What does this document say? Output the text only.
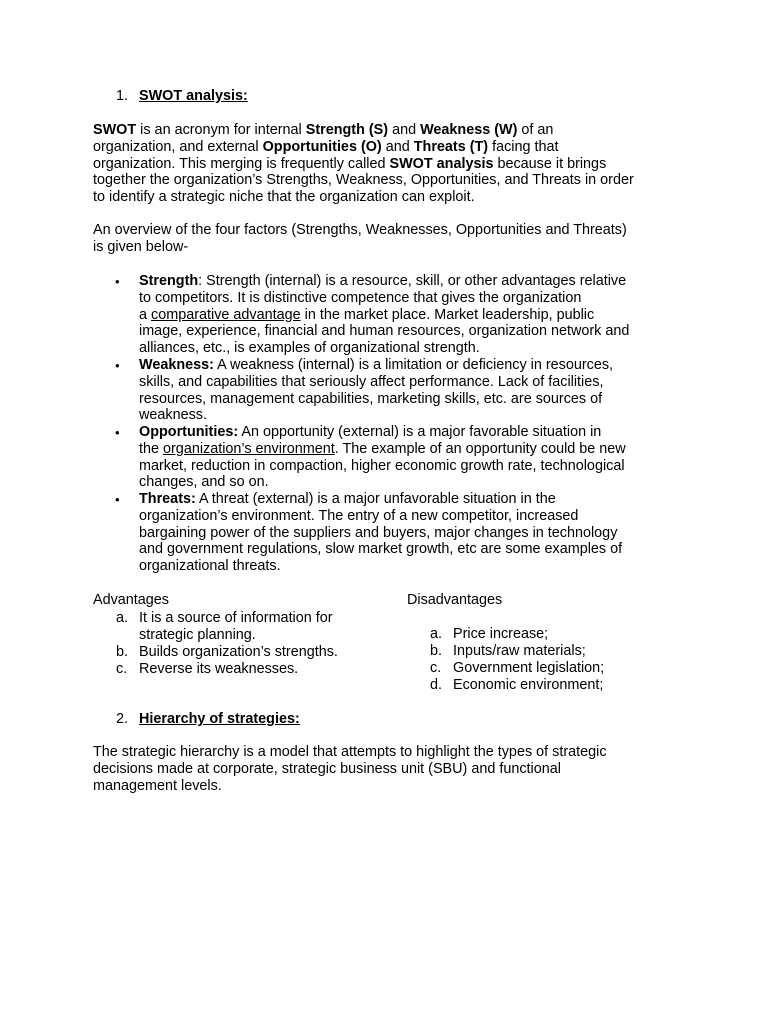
1. SWOT analysis:
SWOT is an acronym for internal Strength (S) and Weakness (W) of an
organization, and external Opportunities (O) and Threats (T) facing that
organization. This merging is frequently called SWOT analysis because it brings
together the organization’s Strengths, Weakness, Opportunities, and Threats in order
to identify a strategic niche that the organization can exploit.
An overview of the four factors (Strengths, Weaknesses, Opportunities and Threats)
is given below-
• Strength: Strength (internal) is a resource, skill, or other advantages relative
to competitors. It is distinctive competence that gives the organization
a comparative advantage in the market place. Market leadership, public
image, experience, financial and human resources, organization network and
alliances, etc., is examples of organizational strength.
• Weakness: A weakness (internal) is a limitation or deficiency in resources,
skills, and capabilities that seriously affect performance. Lack of facilities,
resources, management capabilities, marketing skills, etc. are sources of
weakness.
• Opportunities: An opportunity (external) is a major favorable situation in
the organization’s environment. The example of an opportunity could be new
market, reduction in compaction, higher economic growth rate, technological
changes, and so on.
• Threats: A threat (external) is a major unfavorable situation in the
organization’s environment. The entry of a new competitor, increased
bargaining power of the suppliers and buyers, major changes in technology
and government regulations, slow market growth, etc are some examples of
organizational threats.
Advantages
a. It is a source of information for
strategic planning.
b. Builds organization’s strengths.
c. Reverse its weaknesses.
Disadvantages
a. Price increase;
b. Inputs/raw materials;
c. Government legislation;
d. Economic environment;
2. Hierarchy of strategies:
The strategic hierarchy is a model that attempts to highlight the types of strategic
decisions made at corporate, strategic business unit (SBU) and functional
management levels.
